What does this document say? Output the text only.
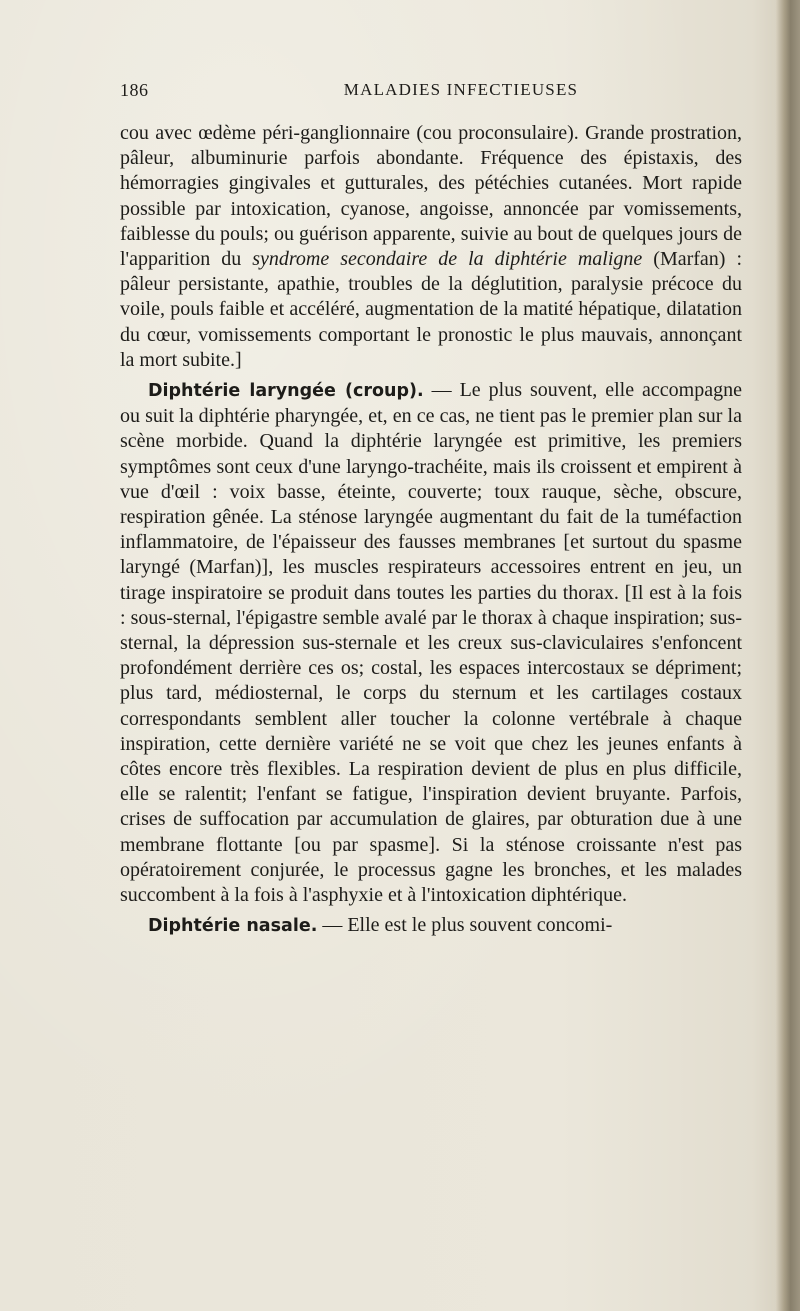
186	MALADIES INFECTIEUSES

cou avec œdème péri-ganglionnaire (cou proconsulaire). Grande prostration, pâleur, albuminurie parfois abondante. Fréquence des épistaxis, des hémorragies gingivales et gutturales, des pétéchies cutanées. Mort rapide possible par intoxication, cyanose, angoisse, annoncée par vomissements, faiblesse du pouls; ou guérison apparente, suivie au bout de quelques jours de l'apparition du syndrome secondaire de la diphtérie maligne (Marfan) : pâleur persistante, apathie, troubles de la déglutition, paralysie précoce du voile, pouls faible et accéléré, augmentation de la matité hépatique, dilatation du cœur, vomissements comportant le pronostic le plus mauvais, annonçant la mort subite.]

Diphtérie laryngée (croup). — Le plus souvent, elle accompagne ou suit la diphtérie pharyngée, et, en ce cas, ne tient pas le premier plan sur la scène morbide. Quand la diphtérie laryngée est primitive, les premiers symptômes sont ceux d'une laryngo-trachéite, mais ils croissent et empirent à vue d'œil : voix basse, éteinte, couverte; toux rauque, sèche, obscure, respiration gênée. La sténose laryngée augmentant du fait de la tuméfaction inflammatoire, de l'épaisseur des fausses membranes [et surtout du spasme laryngé (Marfan)], les muscles respirateurs accessoires entrent en jeu, un tirage inspiratoire se produit dans toutes les parties du thorax. [Il est à la fois : sous-sternal, l'épigastre semble avalé par le thorax à chaque inspiration; sus-sternal, la dépression sus-sternale et les creux sus-claviculaires s'enfoncent profondément derrière ces os; costal, les espaces intercostaux se dépriment; plus tard, médiosternal, le corps du sternum et les cartilages costaux correspondants semblent aller toucher la colonne vertébrale à chaque inspiration, cette dernière variété ne se voit que chez les jeunes enfants à côtes encore très flexibles. La respiration devient de plus en plus difficile, elle se ralentit; l'enfant se fatigue, l'inspiration devient bruyante. Parfois, crises de suffocation par accumulation de glaires, par obturation due à une membrane flottante [ou par spasme]. Si la sténose croissante n'est pas opératoirement conjurée, le processus gagne les bronches, et les malades succombent à la fois à l'asphyxie et à l'intoxication diphtérique.

Diphtérie nasale. — Elle est le plus souvent concomi-
